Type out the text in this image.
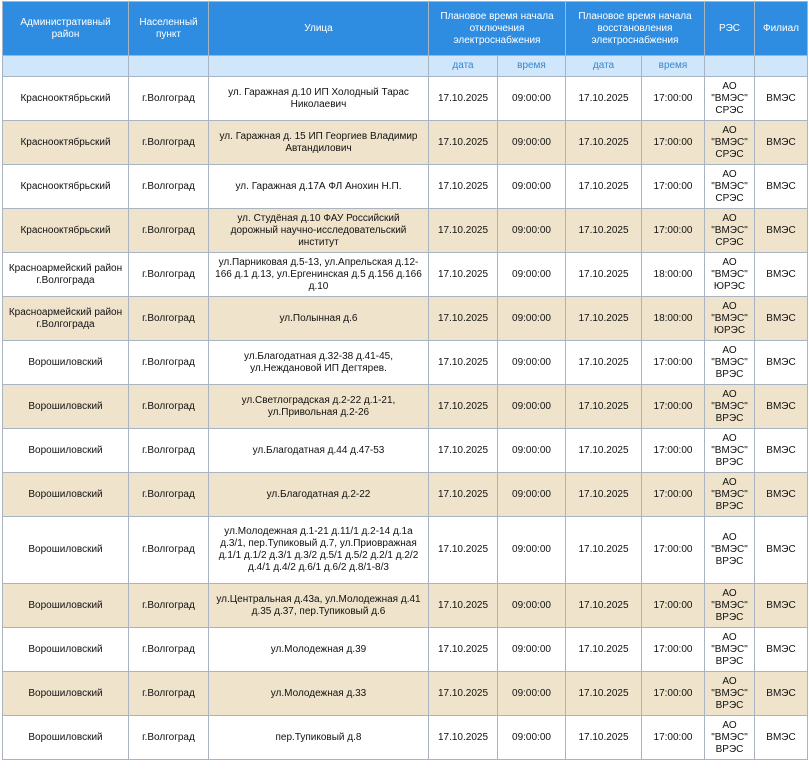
Административный район	Населенный пункт	Улица	Плановое время начала отключения электроснабжения		Плановое время начала восстановления электроснабжения		РЭС	Филиал
			дата	время	дата	время		
Краснооктябрьский	г.Волгоград	ул. Гаражная д.10 ИП Холодный Тарас Николаевич	17.10.2025	09:00:00	17.10.2025	17:00:00	АО "ВМЭС" СРЭС	ВМЭС
Краснооктябрьский	г.Волгоград	ул. Гаражная д. 15 ИП Георгиев Владимир Автандилович	17.10.2025	09:00:00	17.10.2025	17:00:00	АО "ВМЭС" СРЭС	ВМЭС
Краснооктябрьский	г.Волгоград	ул. Гаражная д.17А ФЛ Анохин Н.П.	17.10.2025	09:00:00	17.10.2025	17:00:00	АО "ВМЭС" СРЭС	ВМЭС
Краснооктябрьский	г.Волгоград	ул. Студёная д.10 ФАУ Российский дорожный научно-исследовательский институт	17.10.2025	09:00:00	17.10.2025	17:00:00	АО "ВМЭС" СРЭС	ВМЭС
Красноармейский район г.Волгограда	г.Волгоград	ул.Парниковая д.5-13, ул.Апрельская д.12-166 д.1 д.13, ул.Ергенинская д.5 д.156 д.166 д.10	17.10.2025	09:00:00	17.10.2025	18:00:00	АО "ВМЭС" ЮРЭС	ВМЭС
Красноармейский район г.Волгограда	г.Волгоград	ул.Полынная д.6	17.10.2025	09:00:00	17.10.2025	18:00:00	АО "ВМЭС" ЮРЭС	ВМЭС
Ворошиловский	г.Волгоград	ул.Благодатная д.32-38 д.41-45, ул.Неждановой ИП Дегтярев.	17.10.2025	09:00:00	17.10.2025	17:00:00	АО "ВМЭС" ВРЭС	ВМЭС
Ворошиловский	г.Волгоград	ул.Светлоградская д.2-22 д.1-21, ул.Привольная д.2-26	17.10.2025	09:00:00	17.10.2025	17:00:00	АО "ВМЭС" ВРЭС	ВМЭС
Ворошиловский	г.Волгоград	ул.Благодатная д.44 д.47-53	17.10.2025	09:00:00	17.10.2025	17:00:00	АО "ВМЭС" ВРЭС	ВМЭС
Ворошиловский	г.Волгоград	ул.Благодатная д.2-22	17.10.2025	09:00:00	17.10.2025	17:00:00	АО "ВМЭС" ВРЭС	ВМЭС
Ворошиловский	г.Волгоград	ул.Молодежная д.1-21 д.11/1 д.2-14 д.1а д.3/1, пер.Тупиковый д.7, ул.Приовражная д.1/1 д.1/2 д.3/1 д.3/2 д.5/1 д.5/2 д.2/1 д.2/2 д.4/1 д.4/2 д.6/1 д.6/2 д.8/1-8/3	17.10.2025	09:00:00	17.10.2025	17:00:00	АО "ВМЭС" ВРЭС	ВМЭС
Ворошиловский	г.Волгоград	ул.Центральная д.43а, ул.Молодежная д.41 д.35 д.37, пер.Тупиковый д.6	17.10.2025	09:00:00	17.10.2025	17:00:00	АО "ВМЭС" ВРЭС	ВМЭС
Ворошиловский	г.Волгоград	ул.Молодежная д.39	17.10.2025	09:00:00	17.10.2025	17:00:00	АО "ВМЭС" ВРЭС	ВМЭС
Ворошиловский	г.Волгоград	ул.Молодежная д.33	17.10.2025	09:00:00	17.10.2025	17:00:00	АО "ВМЭС" ВРЭС	ВМЭС
Ворошиловский	г.Волгоград	пер.Тупиковый д.8	17.10.2025	09:00:00	17.10.2025	17:00:00	АО "ВМЭС" ВРЭС	ВМЭС
